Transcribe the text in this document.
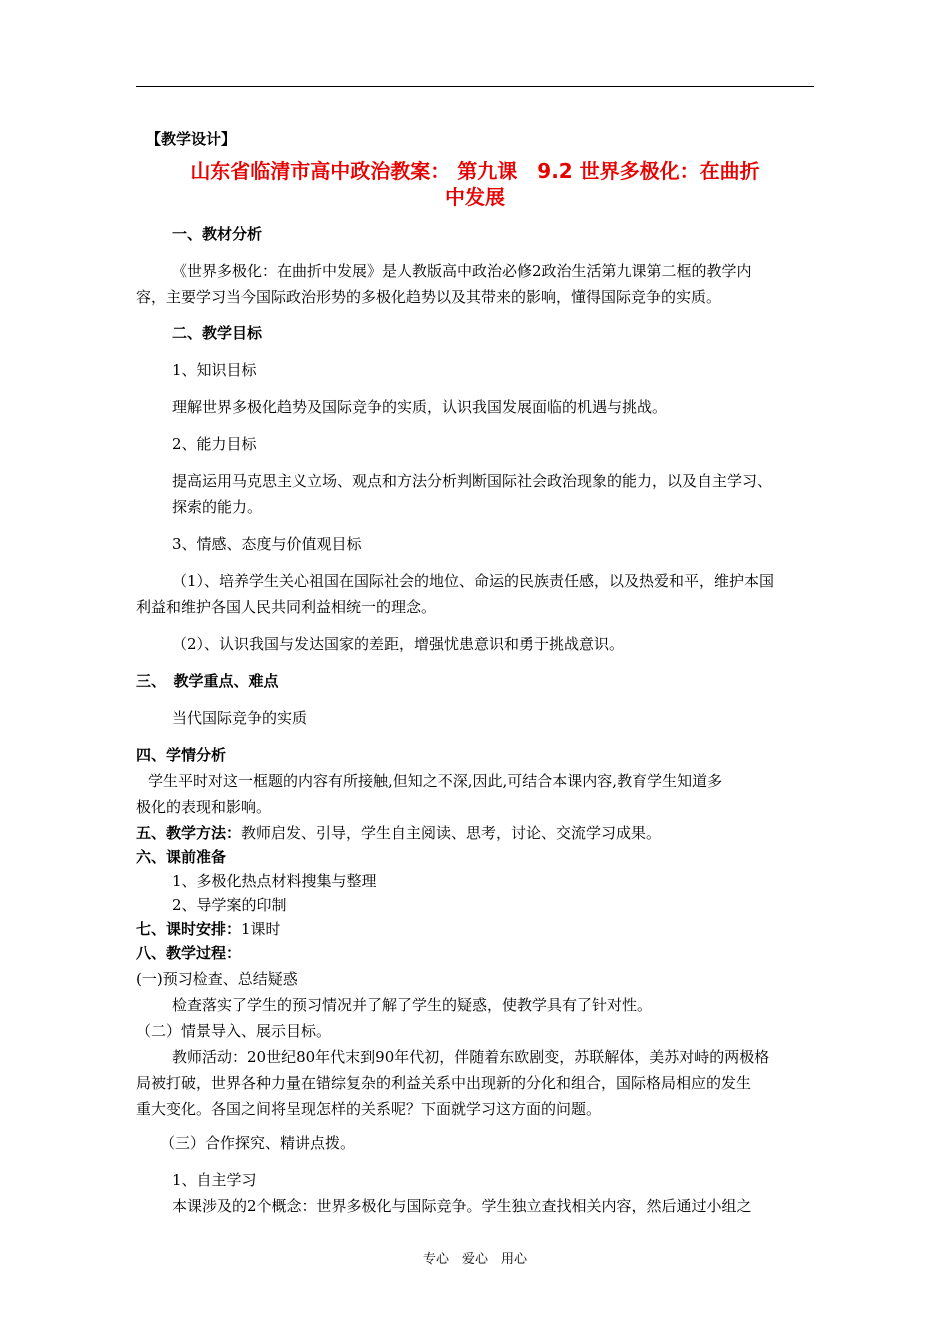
【教学设计】
山东省临清市高中政治教案： 第九课　9.2 世界多极化：在曲折
中发展
一、教材分析
《世界多极化：在曲折中发展》是人教版高中政治必修2政治生活第九课第二框的教学内
容，主要学习当今国际政治形势的多极化趋势以及其带来的影响，懂得国际竞争的实质。
二、教学目标
1、知识目标
理解世界多极化趋势及国际竞争的实质，认识我国发展面临的机遇与挑战。
2、能力目标
提高运用马克思主义立场、观点和方法分析判断国际社会政治现象的能力，以及自主学习、
探索的能力。
3、情感、态度与价值观目标
（1）、培养学生关心祖国在国际社会的地位、命运的民族责任感，以及热爱和平，维护本国
利益和维护各国人民共同利益相统一的理念。
（2）、认识我国与发达国家的差距，增强忧患意识和勇于挑战意识。
三、　教学重点、难点
当代国际竞争的实质
四、学情分析
学生平时对这一框题的内容有所接触,但知之不深,因此,可结合本课内容,教育学生知道多
极化的表现和影响。
五、教学方法：教师启发、引导，学生自主阅读、思考，讨论、交流学习成果。
六、课前准备
1、多极化热点材料搜集与整理
2、导学案的印制
七、课时安排：1课时
八、教学过程：
(一)预习检查、总结疑惑
检查落实了学生的预习情况并了解了学生的疑惑，使教学具有了针对性。
（二）情景导入、展示目标。
教师活动：20世纪80年代末到90年代初，伴随着东欧剧变，苏联解体，美苏对峙的两极格
局被打破，世界各种力量在错综复杂的利益关系中出现新的分化和组合，国际格局相应的发生
重大变化。各国之间将呈现怎样的关系呢？下面就学习这方面的问题。
（三）合作探究、精讲点拨。
1、自主学习
本课涉及的2个概念：世界多极化与国际竞争。学生独立查找相关内容，然后通过小组之
专心　爱心　用心
